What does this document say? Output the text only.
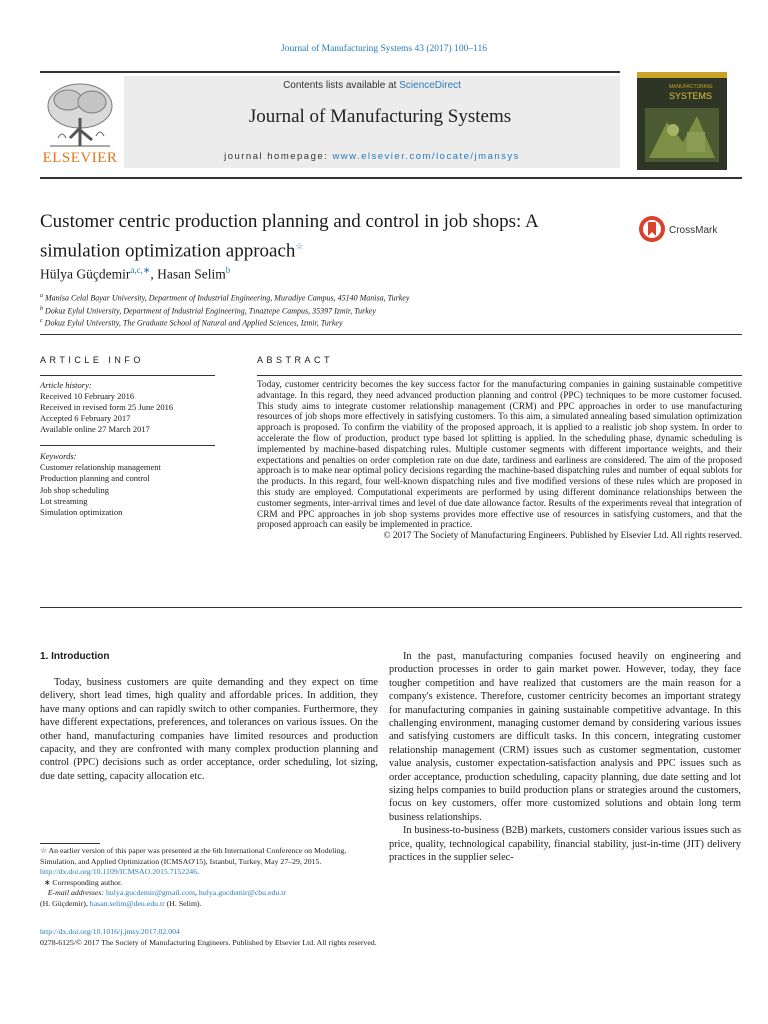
Journal of Manufacturing Systems 43 (2017) 100–116
ELSEVIER
Contents lists available at ScienceDirect
Journal of Manufacturing Systems
journal homepage: www.elsevier.com/locate/jmansys
MANUFACTURING
SYSTEMS
Customer centric production planning and control in job shops: A simulation optimization approach☆
CrossMark
Hülya Güçdemir$^{a,c,∗}$, Hasan Selim$^b$
$^a$ Manisa Celal Bayar University, Department of Industrial Engineering, Muradiye Campus, 45140 Manisa, Turkey
$^b$ Dokuz Eylul University, Department of Industrial Engineering, Tınaztepe Campus, 35397 Izmir, Turkey
$^c$ Dokuz Eylul University, The Graduate School of Natural and Applied Sciences, Izmir, Turkey
ARTICLE INFO	ABSTRACT
Article history:
Received 10 February 2016
Received in revised form 25 June 2016
Accepted 6 February 2017
Available online 27 March 2017
Keywords:
Customer relationship management
Production planning and control
Job shop scheduling
Lot streaming
Simulation optimization
Today, customer centricity becomes the key success factor for the manufacturing companies in gaining sustainable competitive advantage. In this regard, they need advanced production planning and control (PPC) techniques to be more customer focused. This study aims to integrate customer relationship management (CRM) and PPC approaches in order to use manufacturing resources of job shops more effectively in satisfying customers. To this aim, a simulated annealing based simulation optimization approach is proposed. To confirm the viability of the proposed approach, it is applied to a realistic job shop system. In order to accelerate the flow of production, product type based lot splitting is applied. In the scheduling phase, dynamic scheduling is implemented by machine-based dispatching rules. Multiple customer segments with different importance weights, and their expectations and penalties on order completion rate on due date, tardiness and earliness are considered. The aim of the proposed approach is to make near optimal policy decisions regarding the machine-based dispatching rules and number of equal sublots for the products. In this regard, four well-known dispatching rules and five modified versions of these rules which are proposed in this study are employed. Computational experiments are performed by using different dominance relationships between the customer segments, inter-arrival times and level of due date allowance factor. Results of the experiments reveal that integration of CRM and PPC approaches in job shop systems provides more effective use of resources in satisfying customers, and that the proposed approach can easily be implemented in practice.
© 2017 The Society of Manufacturing Engineers. Published by Elsevier Ltd. All rights reserved.
1. Introduction

Today, business customers are quite demanding and they expect on time delivery, short lead times, high quality and affordable prices. In addition, they have many options and can rapidly switch to other companies. Furthermore, they have different expectations, preferences, and tolerances on various issues. On the other hand, manufacturing companies have limited resources and production capacity, and they are confronted with many complex production planning and control (PPC) decisions such as order acceptance, order scheduling, lot sizing, due date setting, capacity allocation etc.

In the past, manufacturing companies focused heavily on engineering and production processes in order to gain market power. However, today, they face tougher competition and have realized that customers are the main reason for a company's existence. Therefore, customer centricity becomes an important strategy for manufacturing companies in gaining sustainable competitive advantage. In this challenging environment, managing customer demand by considering various issues and satisfying customers are difficult tasks. In this concern, integrating customer relationship management (CRM) issues such as customer segmentation, customer value analysis, customer expectation-satisfaction analysis and PPC issues such as order acceptance, production scheduling, capacity planning, due date setting and lot sizing helps companies to build production plans or strategies around the customers, focus on key customers, offer more customized solutions and obtain long term business relationships.

In business-to-business (B2B) markets, customers consider various issues such as price, quality, technological capability, financial stability, just-in-time (JIT) delivery practices in the supplier selec-

☆ An earlier version of this paper was presented at the 6th International Conference on Modeling, Simulation, and Applied Optimization (ICMSAO'15), Istanbul, Turkey, May 27–29, 2015. http://dx.doi.org/10.1109/ICMSAO.2015.7152246.
∗ Corresponding author.
E-mail addresses: hulya.gucdemir@gmail.com, hulya.gucdemir@cbu.edu.tr
(H. Güçdemir), hasan.selim@deu.edu.tr (H. Selim).
http://dx.doi.org/10.1016/j.jmsy.2017.02.004
0278-6125/© 2017 The Society of Manufacturing Engineers. Published by Elsevier Ltd. All rights reserved.
